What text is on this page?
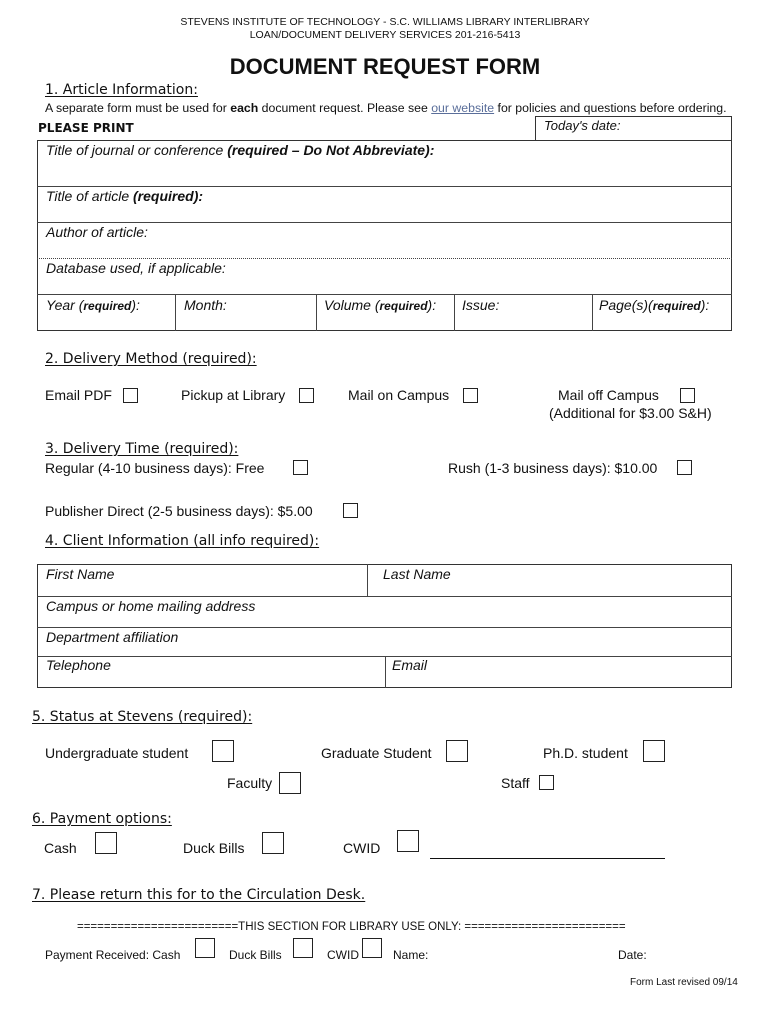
STEVENS INSTITUTE OF TECHNOLOGY - S.C. WILLIAMS LIBRARY INTERLIBRARY
LOAN/DOCUMENT DELIVERY SERVICES 201-216-5413
DOCUMENT REQUEST FORM
1. Article Information:
A separate form must be used for each document request. Please see our website for policies and questions before ordering.
PLEASE PRINT	Today's date:
Title of journal or conference (required – Do Not Abbreviate):
Title of article (required):
Author of article:
Database used, if applicable:
Year (required):	Month:	Volume (required): Issue:	Page(s)(required):
2. Delivery Method (required):
Email PDF	Pickup at Library	Mail on Campus	Mail off Campus
(Additional for $3.00 S&H)
3. Delivery Time (required):
Regular (4-10 business days): Free	Rush (1-3 business days): $10.00
Publisher Direct (2-5 business days): $5.00
4. Client Information (all info required):
First Name	Last Name
Campus or home mailing address
Department affiliation
Telephone	Email
5. Status at Stevens (required):
Undergraduate student	Graduate Student	Ph.D. student
Faculty	Staff
6. Payment options:
Cash	Duck Bills	CWID
7. Please return this for to the Circulation Desk.
========================THIS SECTION FOR LIBRARY USE ONLY: ========================
Payment Received: Cash	Duck Bills	CWID	Name:	Date:
Form Last revised 09/14
